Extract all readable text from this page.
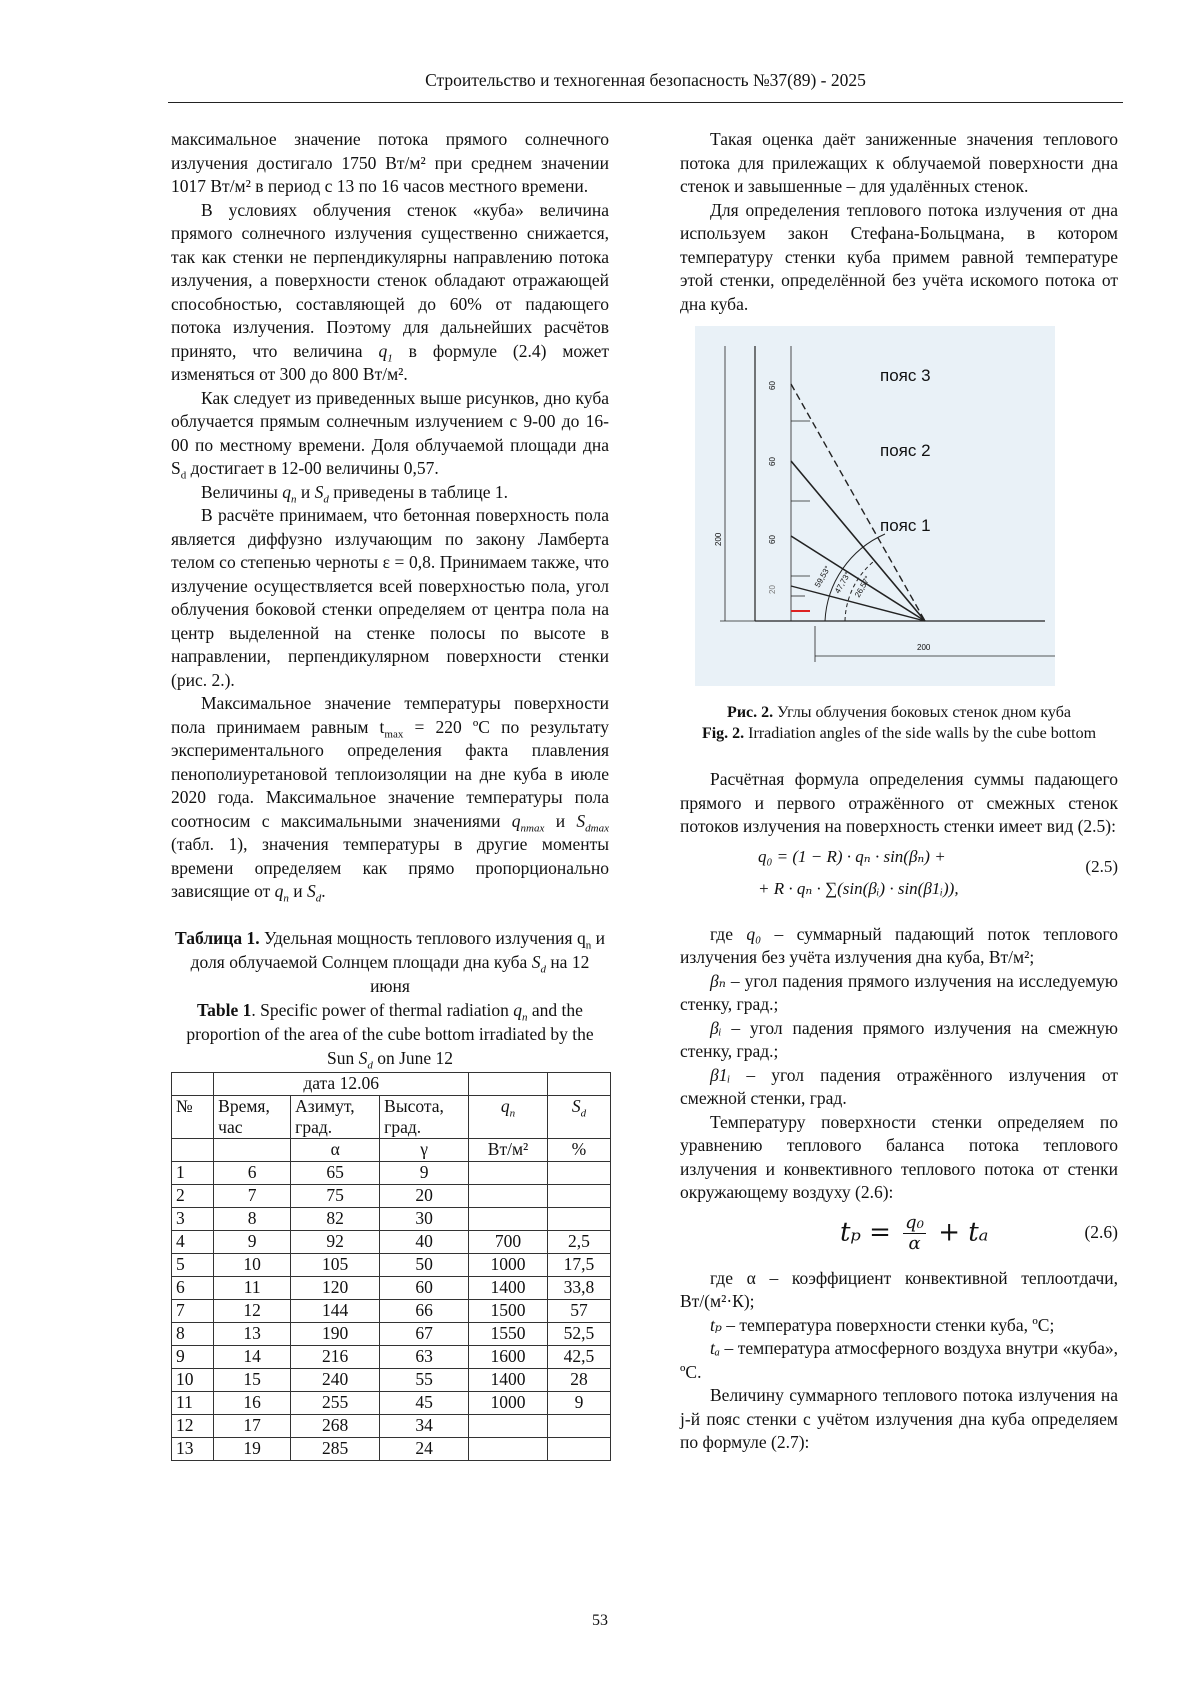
Строительство и техногенная безопасность №37(89) - 2025

максимальное значение потока прямого солнечного излучения достигало 1750 Вт/м² при среднем значении 1017 Вт/м² в период с 13 по 16 часов местного времени.

В условиях облучения стенок «куба» величина прямого солнечного излучения существенно снижается, так как стенки не перпендикулярны направлению потока излучения, а поверхности стенок обладают отражающей способностью, составляющей до 60% от падающего потока излучения. Поэтому для дальнейших расчётов принято, что величина $q_1$ в формуле (2.4) может изменяться от 300 до 800 Вт/м².

Как следует из приведенных выше рисунков, дно куба облучается прямым солнечным излучением с 9-00 до 16-00 по местному времени. Доля облучаемой площади дна $S_d$ достигает в 12-00 величины 0,57.

Величины $q_n$ и $S_d$ приведены в таблице 1.

В расчёте принимаем, что бетонная поверхность пола является диффузно излучающим по закону Ламберта телом со степенью черноты ε = 0,8. Принимаем также, что излучение осуществляется всей поверхностью пола, угол облучения боковой стенки определяем от центра пола на центр выделенной на стенке полосы по высоте в направлении, перпендикулярном поверхности стенки (рис. 2.).

Максимальное значение температуры поверхности пола принимаем равным $t_{max} = 220$ ºС по результату экспериментального определения факта плавления пенополиуретановой теплоизоляции на дне куба в июле 2020 года. Максимальное значение температуры пола соотносим с максимальными значениями $q_{nmax}$ и $S_{dmax}$ (табл. 1), значения температуры в другие моменты времени определяем как прямо пропорционально зависящие от $q_n$ и $S_d$.

Таблица 1. Удельная мощность теплового излучения $q_n$ и доля облучаемой Солнцем площади дна куба $S_d$ на 12 июня

Table 1. Specific power of thermal radiation $q_n$ and the proportion of the area of the cube bottom irradiated by the Sun $S_d$ on June 12

	дата 12.06				
№	Время, час	Азимут, град.	Высота, град.	$q_n$	$S_d$
		α	γ	Вт/м²	%
1	6	65	9		
2	7	75	20		
3	8	82	30		
4	9	92	40	700	2,5
5	10	105	50	1000	17,5
6	11	120	60	1400	33,8
7	12	144	66	1500	57
8	13	190	67	1550	52,5
9	14	216	63	1600	42,5
10	15	240	55	1400	28
11	16	255	45	1000	9
12	17	268	34		
13	19	285	24		

Такая оценка даёт заниженные значения теплового потока для прилежащих к облучаемой поверхности дна стенок и завышенные – для удалённых стенок.

Для определения теплового потока излучения от дна используем закон Стефана-Больцмана, в котором температуру стенки куба примем равной температуре этой стенки, определённой без учёта искомого потока от дна куба.

пояс 3
пояс 2
пояс 1
60
60
60
20
200
200
59,53° 47,73° 26,57°

Рис. 2. Углы облучения боковых стенок дном куба

Fig. 2. Irradiation angles of the side walls by the cube bottom

Расчётная формула определения суммы падающего прямого и первого отражённого от смежных стенок потоков излучения на поверхность стенки имеет вид (2.5):

q₀ = (1 − R) · qₙ · sin(βₙ) +
+ R · qₙ · ∑(sin(βᵢ) · sin(β1ᵢ)),
(2.5)

где q₀ – суммарный падающий поток теплового излучения без учёта излучения дна куба, Вт/м²;

βₙ – угол падения прямого излучения на исследуемую стенку, град.;

βᵢ – угол падения прямого излучения на смежную стенку, град.;

β1ᵢ – угол падения отражённого излучения от смежной стенки, град.

Температуру поверхности стенки определяем по уравнению теплового баланса потока теплового излучения и конвективного теплового потока от стенки окружающему воздуху (2.6):

$t_p = \frac{\text{q₀}}{\alpha} + t_a$	(2.6)

где α – коэффициент конвективной теплоотдачи, Вт/(м²·К);

tₚ – температура поверхности стенки куба, ºС;

tₐ – температура атмосферного воздуха внутри «куба», ºС.

Величину суммарного теплового потока излучения на j-й пояс стенки с учётом излучения дна куба определяем по формуле (2.7):

53
